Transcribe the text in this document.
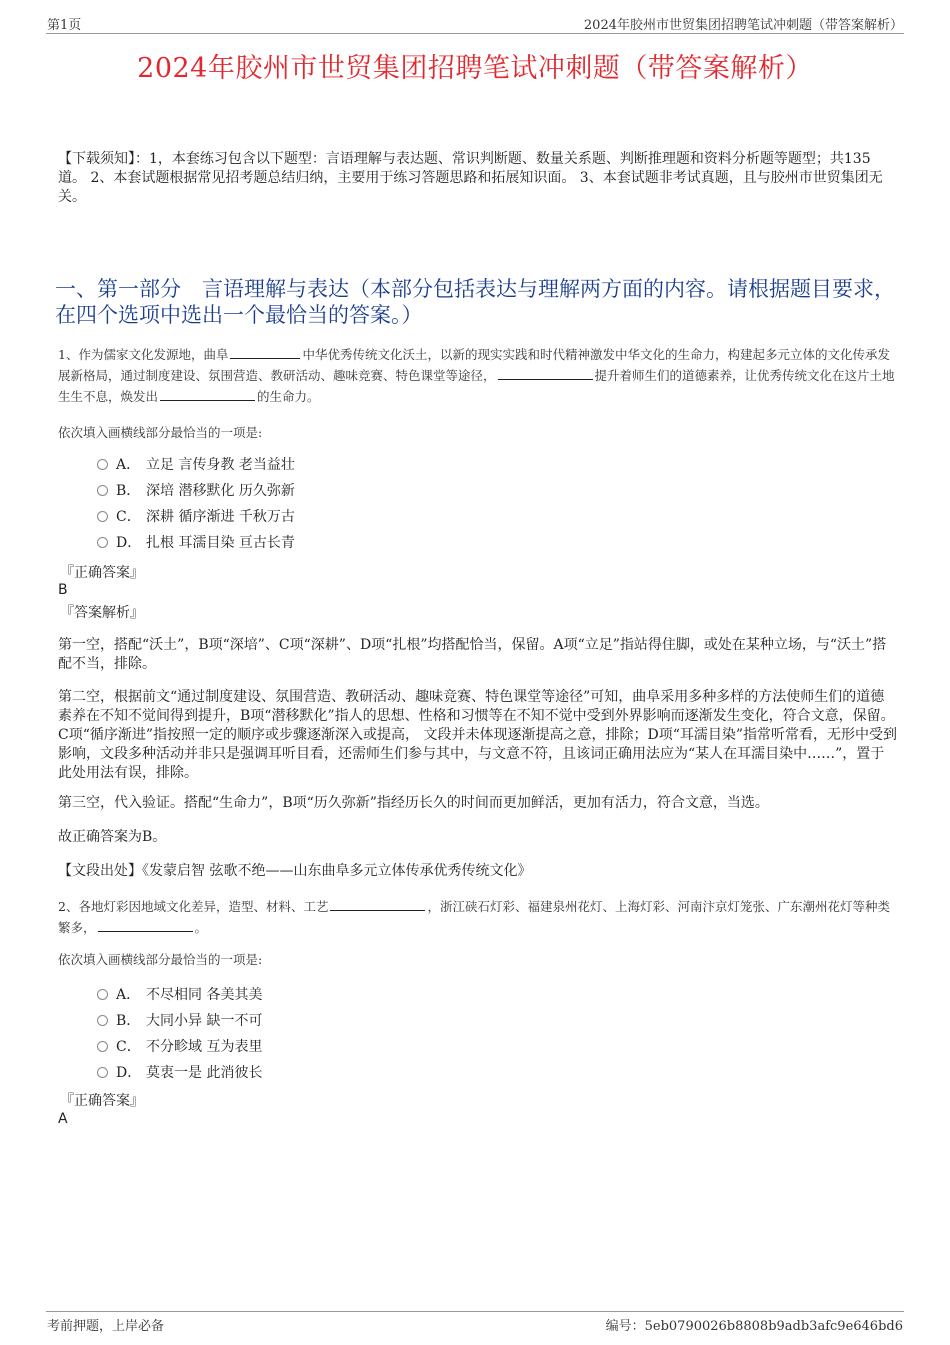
第1页	2024年胶州市世贸集团招聘笔试冲刺题（带答案解析）
2024年胶州市世贸集团招聘笔试冲刺题（带答案解析）
【下载须知】：1，本套练习包含以下题型：言语理解与表达题、常识判断题、数量关系题、判断推理题和资料分析题等题型；共135道。 2、本套试题根据常见招考题总结归纳，主要用于练习答题思路和拓展知识面。 3、本套试题非考试真题，且与胶州市世贸集团无关。
一、第一部分　言语理解与表达（本部分包括表达与理解两方面的内容。请根据题目要求，在四个选项中选出一个最恰当的答案。）
1、作为儒家文化发源地，曲阜	中华优秀传统文化沃土，以新的现实实践和时代精神激发中华文化的生命力，构建起多元立体的文化传承发展新格局，通过制度建设、氛围营造、教研活动、趣味竞赛、特色课堂等途径，	提升着师生们的道德素养，让优秀传统文化在这片土地生生不息，焕发出	的生命力。
依次填入画横线部分最恰当的一项是:
A． 立足 言传身教 老当益壮
B． 深培 潜移默化 历久弥新
C． 深耕 循序渐进 千秋万古
D． 扎根 耳濡目染 亘古长青
『正确答案』
B
『答案解析』
第一空，搭配“沃土”，B项“深培”、C项“深耕”、D项“扎根”均搭配恰当，保留。A项“立足”指站得住脚，或处在某种立场，与“沃土”搭配不当，排除。
第二空，根据前文“通过制度建设、氛围营造、教研活动、趣味竞赛、特色课堂等途径”可知，曲阜采用多种多样的方法使师生们的道德素养在不知不觉间得到提升，B项“潜移默化”指人的思想、性格和习惯等在不知不觉中受到外界影响而逐渐发生变化，符合文意，保留。C项“循序渐进”指按照一定的顺序或步骤逐渐深入或提高， 文段并未体现逐渐提高之意，排除；D项“耳濡目染”指常听常看，无形中受到影响，文段多种活动并非只是强调耳听目看，还需师生们参与其中，与文意不符，且该词正确用法应为“某人在耳濡目染中……”，置于此处用法有误，排除。
第三空，代入验证。搭配“生命力”，B项“历久弥新”指经历长久的时间而更加鲜活，更加有活力，符合文意，当选。
故正确答案为B。
【文段出处】《发蒙启智 弦歌不绝——山东曲阜多元立体传承优秀传统文化》
2、各地灯彩因地域文化差异，造型、材料、工艺	，浙江硖石灯彩、福建泉州花灯、上海灯彩、河南汴京灯笼张、广东潮州花灯等种类繁多，	。
依次填入画横线部分最恰当的一项是:
A． 不尽相同 各美其美
B． 大同小异 缺一不可
C． 不分畛域 互为表里
D． 莫衷一是 此消彼长
『正确答案』
A
考前押题，上岸必备	编号：5eb0790026b8808b9adb3afc9e646bd6
